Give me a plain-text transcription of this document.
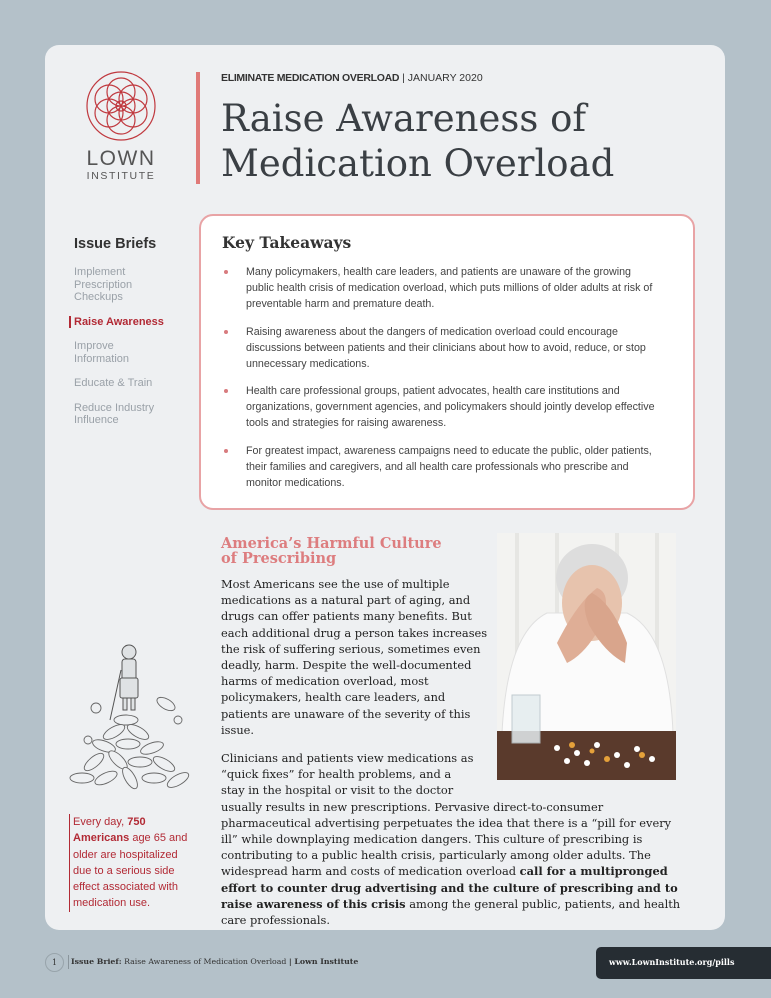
LOWN
INSTITUTE
ELIMINATE MEDICATION OVERLOAD | JANUARY 2020
Raise Awareness of
Medication Overload
Issue Briefs
Implement Prescription Checkups
Raise Awareness
Improve Information
Educate & Train
Reduce Industry Influence
Key Takeaways
Many policymakers, health care leaders, and patients are unaware of the growing public health crisis of medication overload, which puts millions of older adults at risk of preventable harm and premature death.
Raising awareness about the dangers of medication overload could encourage discussions between patients and their clinicians about how to avoid, reduce, or stop unnecessary medications.
Health care professional groups, patient advocates, health care institutions and organizations, government agencies, and policymakers should jointly develop effective tools and strategies for raising awareness.
For greatest impact, awareness campaigns need to educate the public, older patients, their families and caregivers, and all health care professionals who prescribe and monitor medications.
America’s Harmful Culture
of Prescribing

Most Americans see the use of multiple medications as a natural part of aging, and drugs can offer patients many benefits. But each additional drug a person takes increases the risk of suffering serious, sometimes even deadly, harm. Despite the well-documented harms of medication overload, most policymakers, health care leaders, and patients are unaware of the severity of this issue.

Clinicians and patients view medications as “quick fixes” for health problems, and a stay in the hospital or visit to the doctor usually results in new prescriptions. Pervasive direct-to-consumer pharmaceutical advertising perpetuates the idea that there is a “pill for every ill” while downplaying medication dangers. This culture of prescribing is contributing to a public health crisis, particularly among older adults. The widespread harm and costs of medication overload call for a multipronged effort to counter drug advertising and the culture of prescribing and to raise awareness of this crisis among the general public, patients, and health care professionals.

Every day, 750 Americans age 65 and older are hospitalized due to a serious side effect associated with medication use.
1	Issue Brief: Raise Awareness of Medication Overload | Lown Institute	www.LownInstitute.org/pills
